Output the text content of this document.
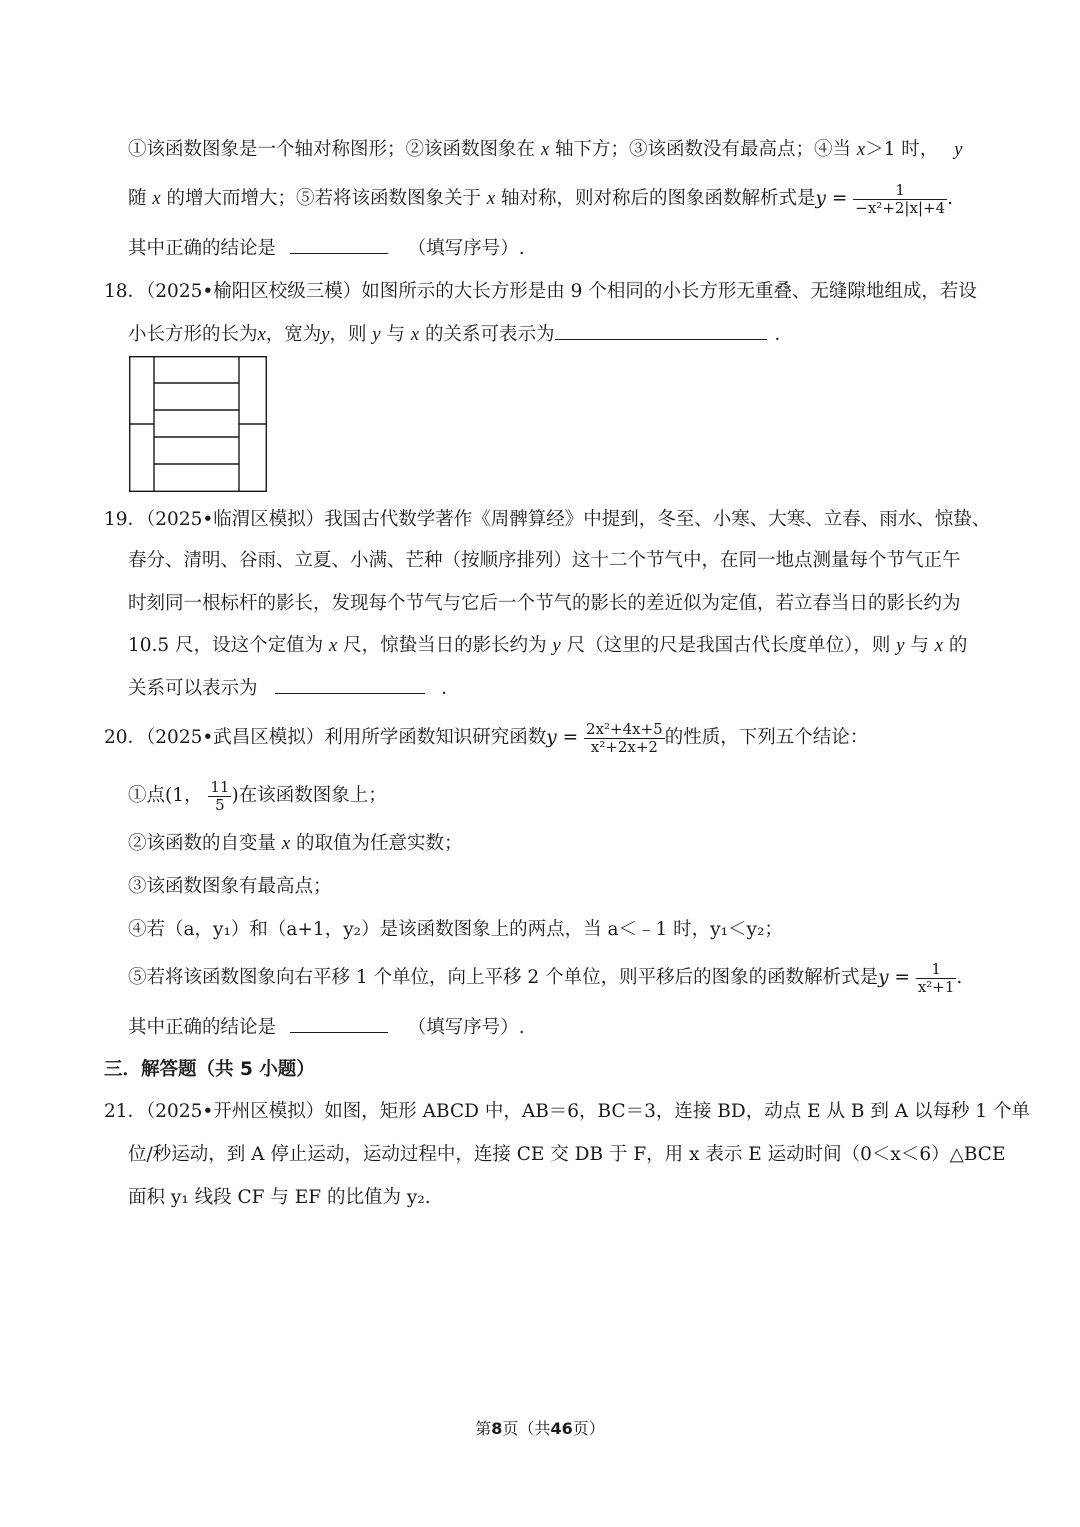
①该函数图象是一个轴对称图形；②该函数图象在 x 轴下方；③该函数没有最高点；④当 x＞1 时， y
随 x 的增大而增大；⑤若将该函数图象关于 x 轴对称，则对称后的图象函数解析式是$y = \frac{1}{\text{−x²+2|x|+4}}$ .
其中正确的结论是	（填写序号）.
18．（2025•榆阳区校级三模）如图所示的大长方形是由 9 个相同的小长方形无重叠、无缝隙地组成，若设
小长方形的长为x，宽为y，则 y 与 x 的关系可表示为	．
19．（2025•临渭区模拟）我国古代数学著作《周髀算经》中提到，冬至、小寒、大寒、立春、雨水、惊蛰、
春分、清明、谷雨、立夏、小满、芒种（按顺序排列）这十二个节气中，在同一地点测量每个节气正午
时刻同一根标杆的影长，发现每个节气与它后一个节气的影长的差近似为定值，若立春当日的影长约为
10.5 尺，设这个定值为 x 尺，惊蛰当日的影长约为 y 尺（这里的尺是我国古代长度单位），则 y 与 x 的
关系可以表示为	．
20．（2025•武昌区模拟）利用所学函数知识研究函数$y = \frac{\text{2x²+4x+5}}{\text{x²+2x+2}}$ 的性质，下列五个结论：
①点(1， $\frac{11}{5}$ )在该函数图象上；
②该函数的自变量 x 的取值为任意实数；
③该函数图象有最高点；
④若（a，y₁）和（a+1，y₂）是该函数图象上的两点，当 a＜﹣1 时，y₁＜y₂；
⑤若将该函数图象向右平移 1 个单位，向上平移 2 个单位，则平移后的图象的函数解析式是$y = \frac{1}{\text{x²+1}}$ .
其中正确的结论是	（填写序号）.
三．解答题（共 5 小题）
21．（2025•开州区模拟）如图，矩形 ABCD 中，AB＝6，BC＝3，连接 BD，动点 E 从 B 到 A 以每秒 1 个单
位/秒运动，到 A 停止运动，运动过程中，连接 CE 交 DB 于 F，用 x 表示 E 运动时间（0＜x＜6）△BCE
面积 y₁ 线段 CF 与 EF 的比值为 y₂.
第8页（共46页）
